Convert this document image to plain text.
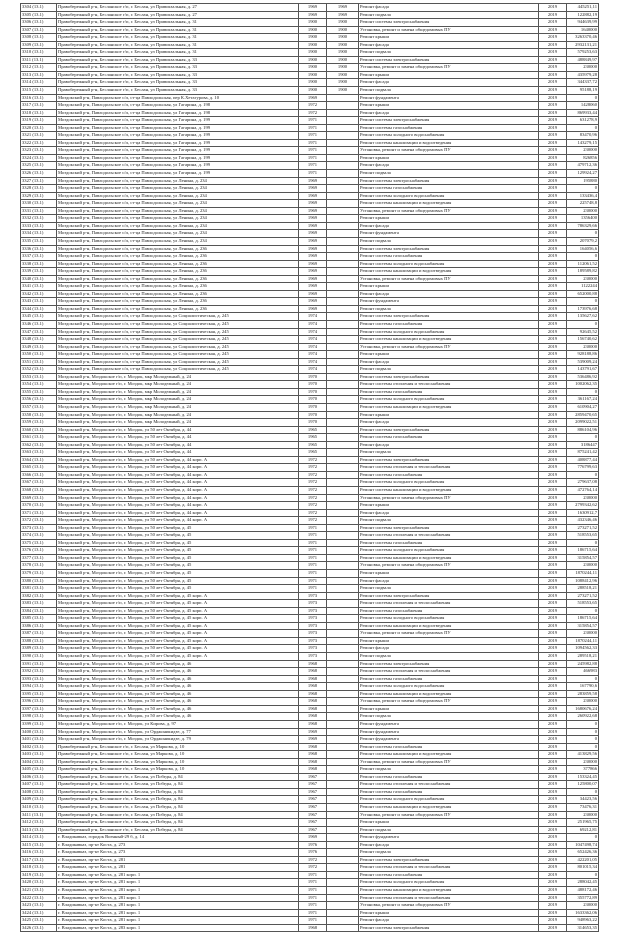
3304 (13.1)	Правобережный р-н, Бесланское г/п, г. Беслан, ул Привокзальная, д. 27	1969	1969	Ремонт фасада	2019	445251,11
3305 (13.1)	Правобережный р-н, Бесланское г/п, г. Беслан, ул Привокзальная, д. 27	1969	1969	Ремонт подвала	2019	122882,19
3306 (13.1)	Правобережный р-н, Бесланское г/п, г. Беслан, ул Привокзальная, д. 31	1900	1900	Ремонт системы электроснабжения	2019	944639,99
3307 (13.1)	Правобережный р-н, Бесланское г/п, г. Беслан, ул Привокзальная, д. 31	1900	1900	Установка, ремонт и замена общедомовых ПУ	2019	1640000
3308 (13.1)	Правобережный р-н, Бесланское г/п, г. Беслан, ул Привокзальная, д. 31	1900	1900	Ремонт крыши	2019	3263370,46
3309 (13.1)	Правобережный р-н, Бесланское г/п, г. Беслан, ул Привокзальная, д. 31	1900	1900	Ремонт фасада	2019	2932131,21
3310 (13.1)	Правобережный р-н, Бесланское г/п, г. Беслан, ул Привокзальная, д. 31	1900	1900	Ремонт подвала	2019	579253,63
3311 (13.1)	Правобережный р-н, Бесланское г/п, г. Беслан, ул Привокзальная, д. 33	1900	1900	Ремонт системы электроснабжения	2019	488849,97
3312 (13.1)	Правобережный р-н, Бесланское г/п, г. Беслан, ул Привокзальная, д. 33	1900	1900	Установка, ремонт и замена общедомовых ПУ	2019	230000
3313 (13.1)	Правобережный р-н, Бесланское г/п, г. Беслан, ул Привокзальная, д. 33	1900	1900	Ремонт крыши	2019	435979,28
3314 (13.1)	Правобережный р-н, Бесланское г/п, г. Беслан, ул Привокзальная, д. 33	1900	1900	Ремонт фасада	2019	344337,72
3315 (13.1)	Правобережный р-н, Бесланское г/п, г. Беслан, ул Привокзальная, д. 33	1900	1900	Ремонт подвала	2019	95188,19
3316 (13.1)	Моздокский р-н, Павлодольское с/п, ст-ца Павлодольская, пер К.Хетагурова, д. 10	1969		Ремонт фундамента	2019	0
3317 (13.1)	Моздокский р-н, Павлодольское с/п, ст-ца Павлодольская, ул Гагарина, д. 198	1972		Ремонт крыши	2019	1428060
3318 (13.1)	Моздокский р-н, Павлодольское с/п, ст-ца Павлодольская, ул Гагарина, д. 198	1972		Ремонт фасада	2019	869933,44
3319 (13.1)	Моздокский р-н, Павлодольское с/п, ст-ца Павлодольская, ул Гагарина, д. 199	1971		Ремонт системы электроснабжения	2019	631278,9
3320 (13.1)	Моздокский р-н, Павлодольское с/п, ст-ца Павлодольская, ул Гагарина, д. 199	1971		Ремонт системы газоснабжения	2019	0
3321 (13.1)	Моздокский р-н, Павлодольское с/п, ст-ца Павлодольская, ул Гагарина, д. 199	1971		Ремонт системы холодного водоснабжения	2019	83470,96
3322 (13.1)	Моздокский р-н, Павлодольское с/п, ст-ца Павлодольская, ул Гагарина, д. 199	1971		Ремонт системы канализации и водоотведения	2019	143279,15
3323 (13.1)	Моздокский р-н, Павлодольское с/п, ст-ца Павлодольская, ул Гагарина, д. 199	1971		Установка, ремонт и замена общедомовых ПУ	2019	230000
3324 (13.1)	Моздокский р-н, Павлодольское с/п, ст-ца Павлодольская, ул Гагарина, д. 199	1971		Ремонт крыши	2019	826856
3325 (13.1)	Моздокский р-н, Павлодольское с/п, ст-ца Павлодольская, ул Гагарина, д. 199	1971		Ремонт фасада	2019	479712,36
3326 (13.1)	Моздокский р-н, Павлодольское с/п, ст-ца Павлодольская, ул Гагарина, д. 199	1971		Ремонт подвала	2019	129924,27
3327 (13.1)	Моздокский р-н, Павлодольское с/п, ст-ца Павлодольская, ул Ленина, д. 234	1969		Ремонт системы электроснабжения	2019	195880
3328 (13.1)	Моздокский р-н, Павлодольское с/п, ст-ца Павлодольская, ул Ленина, д. 234	1969		Ремонт системы газоснабжения	2019	0
3329 (13.1)	Моздокский р-н, Павлодольское с/п, ст-ца Павлодольская, ул Ленина, д. 234	1969		Ремонт системы холодного водоснабжения	2019	133436,4
3330 (13.1)	Моздокский р-н, Павлодольское с/п, ст-ца Павлодольская, ул Ленина, д. 234	1969		Ремонт системы канализации и водоотведения	2019	225748,8
3331 (13.1)	Моздокский р-н, Павлодольское с/п, ст-ца Павлодольская, ул Ленина, д. 234	1969		Установка, ремонт и замена общедомовых ПУ	2019	230000
3332 (13.1)	Моздокский р-н, Павлодольское с/п, ст-ца Павлодольская, ул Ленина, д. 234	1969		Ремонт крыши	2019	1356400
3333 (13.1)	Моздокский р-н, Павлодольское с/п, ст-ца Павлодольская, ул Ленина, д. 234	1969		Ремонт фасада	2019	786329,66
3334 (13.1)	Моздокский р-н, Павлодольское с/п, ст-ца Павлодольская, ул Ленина, д. 234	1969		Ремонт фундамента	2019	0
3335 (13.1)	Моздокский р-н, Павлодольское с/п, ст-ца Павлодольская, ул Ленина, д. 234	1969		Ремонт подвала	2019	207079,2
3336 (13.1)	Моздокский р-н, Павлодольское с/п, ст-ца Павлодольская, ул Ленина, д. 236	1969		Ремонт системы электроснабжения	2019	164056,6
3337 (13.1)	Моздокский р-н, Павлодольское с/п, ст-ца Павлодольская, ул Ленина, д. 236	1969		Ремонт системы газоснабжения	2019	0
3338 (13.1)	Моздокский р-н, Павлодольское с/п, ст-ца Павлодольская, ул Ленина, д. 236	1969		Ремонт системы холодного водоснабжения	2019	112061,52
3339 (13.1)	Моздокский р-н, Павлодольское с/п, ст-ца Павлодольская, ул Ленина, д. 236	1969		Ремонт системы канализации и водоотведения	2019	189589,82
3340 (13.1)	Моздокский р-н, Павлодольское с/п, ст-ца Павлодольская, ул Ленина, д. 236	1969		Установка, ремонт и замена общедомовых ПУ	2019	230000
3341 (13.1)	Моздокский р-н, Павлодольское с/п, ст-ца Павлодольская, ул Ленина, д. 236	1969		Ремонт крыши	2019	1122244
3342 (13.1)	Моздокский р-н, Павлодольское с/п, ст-ца Павлодольская, ул Ленина, д. 236	1969		Ремонт фасада	2019	652000,88
3343 (13.1)	Моздокский р-н, Павлодольское с/п, ст-ца Павлодольская, ул Ленина, д. 236	1969		Ремонт фундамента	2019	0
3344 (13.1)	Моздокский р-н, Павлодольское с/п, ст-ца Павлодольская, ул Ленина, д. 236	1969		Ремонт подвала	2019	173976,68
3345 (13.1)	Моздокский р-н, Павлодольское с/п, ст-ца Павлодольская, ул Социалистическая, д. 245	1974		Ремонт системы электроснабжения	2019	135627,62
3346 (13.1)	Моздокский р-н, Павлодольское с/п, ст-ца Павлодольская, ул Социалистическая, д. 245	1974		Ремонт системы газоснабжения	2019	0
3347 (13.1)	Моздокский р-н, Павлодольское с/п, ст-ца Павлодольская, ул Социалистическая, д. 245	1974		Ремонт системы холодного водоснабжения	2019	92645,52
3348 (13.1)	Моздокский р-н, Павлодольское с/п, ст-ца Павлодольская, ул Социалистическая, д. 245	1974		Ремонт системы канализации и водоотведения	2019	156740,62
3349 (13.1)	Моздокский р-н, Павлодольское с/п, ст-ца Павлодольская, ул Социалистическая, д. 245	1974		Установка, ремонт и замена общедомовых ПУ	2019	230000
3350 (13.1)	Моздокский р-н, Павлодольское с/п, ст-ца Павлодольская, ул Социалистическая, д. 245	1974		Ремонт крыши	2019	928188,86
3351 (13.1)	Моздокский р-н, Павлодольское с/п, ст-ца Павлодольская, ул Социалистическая, д. 245	1974		Ремонт фасада	2019	539009,24
3352 (13.1)	Моздокский р-н, Павлодольское с/п, ст-ца Павлодольская, ул Социалистическая, д. 245	1974		Ремонт подвала	2019	143791,67
3353 (13.1)	Моздокский р-н, Моздокское г/п, г. Моздок, мкр Молодежный, д. 24	1970		Ремонт системы электроснабжения	2019	536486,92
3354 (13.1)	Моздокский р-н, Моздокское г/п, г. Моздок, мкр Молодежный, д. 24	1970		Ремонт системы отопления и теплоснабжения	2019	1002062,35
3355 (13.1)	Моздокский р-н, Моздокское г/п, г. Моздок, мкр Молодежный, д. 24	1970		Ремонт системы газоснабжения	2019	0
3356 (13.1)	Моздокский р-н, Моздокское г/п, г. Моздок, мкр Молодежный, д. 24	1970		Ремонт системы холодного водоснабжения	2019	361167,24
3357 (13.1)	Моздокский р-н, Моздокское г/п, г. Моздок, мкр Молодежный, д. 24	1970		Ремонт системы канализации и водоотведения	2019	610904,27
3358 (13.1)	Моздокский р-н, Моздокское г/п, г. Моздок, мкр Молодежный, д. 24	1970		Ремонт крыши	2019	2859470,65
3359 (13.1)	Моздокский р-н, Моздокское г/п, г. Моздок, мкр Молодежный, д. 24	1970		Ремонт фасада	2019	2099022,51
3360 (13.1)	Моздокский р-н, Моздокское г/п, г. Моздок, ул 50 лет Октября, д. 44	1965		Ремонт системы электроснабжения	2019	886104,96
3361 (13.1)	Моздокский р-н, Моздокское г/п, г. Моздок, ул 50 лет Октября, д. 44	1965		Ремонт системы газоснабжения	2019	0
3362 (13.1)	Моздокский р-н, Моздокское г/п, г. Моздок, ул 50 лет Октября, д. 44	1965		Ремонт фасада	2019	3186447
3363 (13.1)	Моздокский р-н, Моздокское г/п, г. Моздок, ул 50 лет Октября, д. 44	1965		Ремонт подвала	2019	875241,42
3364 (13.1)	Моздокский р-н, Моздокское г/п, г. Моздок, ул 50 лет Октября, д. 44 корп. А	1972		Ремонт системы электроснабжения	2019	408877,44
3365 (13.1)	Моздокский р-н, Моздокское г/п, г. Моздок, ул 50 лет Октября, д. 44 корп. А	1972		Ремонт системы отопления и теплоснабжения	2019	776799,63
3366 (13.1)	Моздокский р-н, Моздокское г/п, г. Моздок, ул 50 лет Октября, д. 44 корп. А	1972		Ремонт системы газоснабжения	2019	0
3367 (13.1)	Моздокский р-н, Моздокское г/п, г. Моздок, ул 50 лет Октября, д. 44 корп. А	1972		Ремонт системы холодного водоснабжения	2019	279637,08
3368 (13.1)	Моздокский р-н, Моздокское г/п, г. Моздок, ул 50 лет Октября, д. 44 корп. А	1972		Ремонт системы канализации и водоотведения	2019	472764,14
3369 (13.1)	Моздокский р-н, Моздокское г/п, г. Моздок, ул 50 лет Октября, д. 44 корп. А	1972		Установка, ремонт и замена общедомовых ПУ	2019	230000
3370 (13.1)	Моздокский р-н, Моздокское г/п, г. Моздок, ул 50 лет Октября, д. 44 корп. А	1972		Ремонт крыши	2019	2799342,62
3371 (13.1)	Моздокский р-н, Моздокское г/п, г. Моздок, ул 50 лет Октября, д. 44 корп. А	1972		Ремонт фасада	2019	1630912,7
3372 (13.1)	Моздокский р-н, Моздокское г/п, г. Моздок, ул 50 лет Октября, д. 44 корп. А	1972		Ремонт подвала	2019	432346,46
3373 (13.1)	Моздокский р-н, Моздокское г/п, г. Моздок, ул 50 лет Октября, д. 45	1971		Ремонт системы электроснабжения	2019	273271,52
3374 (13.1)	Моздокский р-н, Моздокское г/п, г. Моздок, ул 50 лет Октября, д. 45	1971		Ремонт системы отопления и теплоснабжения	2019	518553,65
3375 (13.1)	Моздокский р-н, Моздокское г/п, г. Моздок, ул 50 лет Октября, д. 45	1971		Ремонт системы газоснабжения	2019	0
3376 (13.1)	Моздокский р-н, Моздокское г/п, г. Моздок, ул 50 лет Октября, д. 45	1971		Ремонт системы холодного водоснабжения	2019	186715,64
3377 (13.1)	Моздокский р-н, Моздокское г/п, г. Моздок, ул 50 лет Октября, д. 45	1971		Ремонт системы канализации и водоотведения	2019	315854,57
3378 (13.1)	Моздокский р-н, Моздокское г/п, г. Моздок, ул 50 лет Октября, д. 45	1971		Установка, ремонт и замена общедомовых ПУ	2019	230000
3379 (13.1)	Моздокский р-н, Моздокское г/п, г. Моздок, ул 50 лет Октября, д. 45	1971		Ремонт крыши	2019	1870244,11
3380 (13.1)	Моздокский р-н, Моздокское г/п, г. Моздок, ул 50 лет Октября, д. 45	1971		Ремонт фасада	2019	1088412,96
3381 (13.1)	Моздокский р-н, Моздокское г/п, г. Моздок, ул 50 лет Октября, д. 45	1971		Ремонт подвала	2019	288518,21
3382 (13.1)	Моздокский р-н, Моздокское г/п, г. Моздок, ул 50 лет Октября, д. 45 корп. А	1973		Ремонт системы электроснабжения	2019	273271,52
3383 (13.1)	Моздокский р-н, Моздокское г/п, г. Моздок, ул 50 лет Октября, д. 45 корп. А	1973		Ремонт системы отопления и теплоснабжения	2019	518553,65
3384 (13.1)	Моздокский р-н, Моздокское г/п, г. Моздок, ул 50 лет Октября, д. 45 корп. А	1973		Ремонт системы газоснабжения	2019	0
3385 (13.1)	Моздокский р-н, Моздокское г/п, г. Моздок, ул 50 лет Октября, д. 45 корп. А	1973		Ремонт системы холодного водоснабжения	2019	186715,64
3386 (13.1)	Моздокский р-н, Моздокское г/п, г. Моздок, ул 50 лет Октября, д. 45 корп. А	1973		Ремонт системы канализации и водоотведения	2019	315854,57
3387 (13.1)	Моздокский р-н, Моздокское г/п, г. Моздок, ул 50 лет Октября, д. 45 корп. А	1973		Установка, ремонт и замена общедомовых ПУ	2019	230000
3388 (13.1)	Моздокский р-н, Моздокское г/п, г. Моздок, ул 50 лет Октября, д. 45 корп. А	1973		Ремонт крыши	2019	1870244,11
3389 (13.1)	Моздокский р-н, Моздокское г/п, г. Моздок, ул 50 лет Октября, д. 45 корп. А	1973		Ремонт фасада	2019	1094562,33
3390 (13.1)	Моздокский р-н, Моздокское г/п, г. Моздок, ул 50 лет Октября, д. 45 корп. А	1973		Ремонт подвала	2019	289518,21
3391 (13.1)	Моздокский р-н, Моздокское г/п, г. Моздок, ул 50 лет Октября, д. 46	1968		Ремонт системы электроснабжения	2019	245982,88
3392 (13.1)	Моздокский р-н, Моздокское г/п, г. Моздок, ул 50 лет Октября, д. 46	1968		Ремонт системы отопления и теплоснабжения	2019	466983
3393 (13.1)	Моздокский р-н, Моздокское г/п, г. Моздок, ул 50 лет Октября, д. 46	1968		Ремонт системы газоснабжения	2019	0
3394 (13.1)	Моздокский р-н, Моздокское г/п, г. Моздок, ул 50 лет Октября, д. 46	1968		Ремонт системы холодного водоснабжения	2019	167790,6
3395 (13.1)	Моздокский р-н, Моздокское г/п, г. Моздок, ул 50 лет Октября, д. 46	1968		Ремонт системы канализации и водоотведения	2019	283859,58
3396 (13.1)	Моздокский р-н, Моздокское г/п, г. Моздок, ул 50 лет Октября, д. 46	1968		Установка, ремонт и замена общедомовых ПУ	2019	230000
3397 (13.1)	Моздокский р-н, Моздокское г/п, г. Моздок, ул 50 лет Октября, д. 46	1968		Ремонт крыши	2019	1680676,24
3398 (13.1)	Моздокский р-н, Моздокское г/п, г. Моздок, ул 50 лет Октября, д. 46	1968		Ремонт подвала	2019	260922,68
3399 (13.1)	Моздокский р-н, Моздокское г/п, г. Моздок, ул Кирова, д. 97	1968		Ремонт фундамента	2019	0
3400 (13.1)	Моздокский р-н, Моздокское г/п, г. Моздок, ул Орджоникидзе, д. 77	1969		Ремонт фундамента	2019	0
3401 (13.1)	Моздокский р-н, Моздокское г/п, г. Моздок, ул Орджоникидзе, д. 79	1969		Ремонт фундамента	2019	0
3402 (13.1)	Правобережный р-н, Бесланское г/п, г. Беслан, ул Маркова, д. 10	1968		Ремонт системы газоснабжения	2019	0
3403 (13.1)	Правобережный р-н, Бесланское г/п, г. Беслан, ул Маркова, д. 10	1968		Ремонт системы канализации и водоотведения	2019	413829,56
3404 (13.1)	Правобережный р-н, Бесланское г/п, г. Беслан, ул Маркова, д. 10	1968		Установка, ремонт и замена общедомовых ПУ	2019	230000
3405 (13.1)	Правобережный р-н, Бесланское г/п, г. Беслан, ул Маркова, д. 10	1968		Ремонт подвала	2019	377866
3406 (13.1)	Правобережный р-н, Бесланское г/п, г. Беслан, ул Победы, д. 84	1967		Ремонт системы газоснабжения	2019	153324,45
3407 (13.1)	Правобережный р-н, Бесланское г/п, г. Беслан, ул Победы, д. 84	1967		Ремонт системы отопления и теплоснабжения	2019	125800,07
3408 (13.1)	Правобережный р-н, Бесланское г/п, г. Беслан, ул Победы, д. 84	1967		Ремонт системы газоснабжения	2019	0
3409 (13.1)	Правобережный р-н, Бесланское г/п, г. Беслан, ул Победы, д. 84	1967		Ремонт системы холодного водоснабжения	2019	34423,56
3410 (13.1)	Правобережный р-н, Бесланское г/п, г. Беслан, ул Победы, д. 84	1967		Ремонт системы канализации и водоотведения	2019	73476,31
3411 (13.1)	Правобережный р-н, Бесланское г/п, г. Беслан, ул Победы, д. 84	1967		Установка, ремонт и замена общедомовых ПУ	2019	230000
3412 (13.1)	Правобережный р-н, Бесланское г/п, г. Беслан, ул Победы, д. 84	1967		Ремонт крыши	2019	251965,75
3413 (13.1)	Правобережный р-н, Бесланское г/п, г. Беслан, ул Победы, д. 84	1967		Ремонт подвала	2019	69212,81
3414 (13.1)	г. Владикавказ, городок Военный-29 б, д. 14	1969		Ремонт фундамента	2019	0
3415 (13.1)	г. Владикавказ, пр-кт Коста, д. 273	1976		Ремонт фасада	2019	1047498,74
3416 (13.1)	г. Владикавказ, пр-кт Коста, д. 273	1976		Ремонт подвала	2019	652426,36
3417 (13.1)	г. Владикавказ, пр-кт Коста, д. 281	1972		Ремонт системы электроснабжения	2019	422201,05
3418 (13.1)	г. Владикавказ, пр-кт Коста, д. 281	1972		Ремонт системы отопления и теплоснабжения	2019	801015,34
3419 (13.1)	г. Владикавказ, пр-кт Коста, д. 281 корп. 1	1971		Ремонт системы газоснабжения	2019	0
3420 (13.1)	г. Владикавказ, пр-кт Коста, д. 281 корп. 1	1971		Ремонт системы холодного водоснабжения	2019	288042,45
3421 (13.1)	г. Владикавказ, пр-кт Коста, д. 281 корп. 1	1971		Ремонт системы канализации и водоотведения	2019	488172,46
3422 (13.1)	г. Владикавказ, пр-кт Коста, д. 281 корп. 1	1971		Ремонт системы отопления и теплоснабжения	2019	355772,89
3423 (13.1)	г. Владикавказ, пр-кт Коста, д. 281 корп. 1	1971		Установка, ремонт и замена общедомовых ПУ	2019	230000
3424 (13.1)	г. Владикавказ, пр-кт Коста, д. 281 корп. 1	1971		Ремонт крыши	2019	1633362,06
3425 (13.1)	г. Владикавказ, пр-кт Коста, д. 281 корп. 1	1971		Ремонт фасада	2019	948963,22
3426 (13.1)	г. Владикавказ, пр-кт Коста, д. 283 корп. 1	1968		Ремонт системы электроснабжения	2019	314653,35
